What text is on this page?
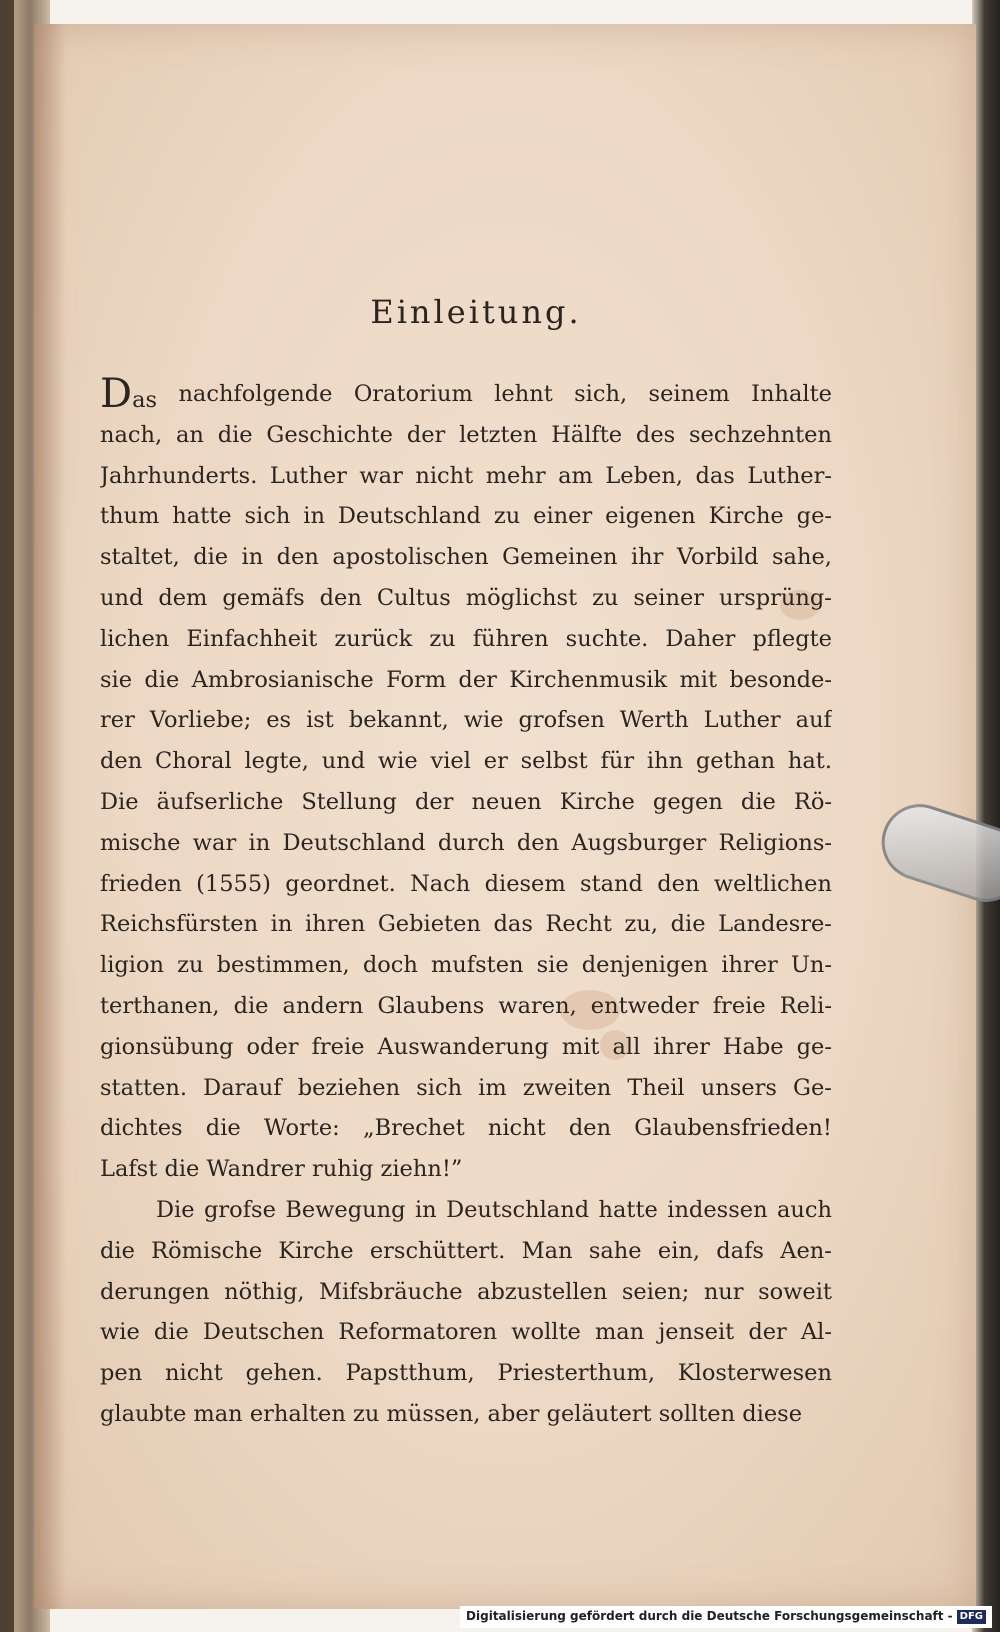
Einleitung.
Das nachfolgende Oratorium lehnt sich, seinem Inhalte
nach, an die Geschichte der letzten Hälfte des sechzehnten
Jahrhunderts. Luther war nicht mehr am Leben, das Luther-
thum hatte sich in Deutschland zu einer eigenen Kirche ge-
staltet, die in den apostolischen Gemeinen ihr Vorbild sahe,
und dem gemäfs den Cultus möglichst zu seiner ursprüng-
lichen Einfachheit zurück zu führen suchte. Daher pflegte
sie die Ambrosianische Form der Kirchenmusik mit besonde-
rer Vorliebe; es ist bekannt, wie grofsen Werth Luther auf
den Choral legte, und wie viel er selbst für ihn gethan hat.
Die äufserliche Stellung der neuen Kirche gegen die Rö-
mische war in Deutschland durch den Augsburger Religions-
frieden (1555) geordnet. Nach diesem stand den weltlichen
Reichsfürsten in ihren Gebieten das Recht zu, die Landesre-
ligion zu bestimmen, doch mufsten sie denjenigen ihrer Un-
terthanen, die andern Glaubens waren, entweder freie Reli-
gionsübung oder freie Auswanderung mit all ihrer Habe ge-
statten. Darauf beziehen sich im zweiten Theil unsers Ge-
dichtes die Worte: „Brechet nicht den Glaubensfrieden!
Lafst die Wandrer ruhig ziehn!”
Die grofse Bewegung in Deutschland hatte indessen auch
die Römische Kirche erschüttert. Man sahe ein, dafs Aen-
derungen nöthig, Mifsbräuche abzustellen seien; nur soweit
wie die Deutschen Reformatoren wollte man jenseit der Al-
pen nicht gehen. Papstthum, Priesterthum, Klosterwesen
glaubte man erhalten zu müssen, aber geläutert sollten diese
Digitalisierung gefördert durch die Deutsche Forschungsgemeinschaft - DFG
